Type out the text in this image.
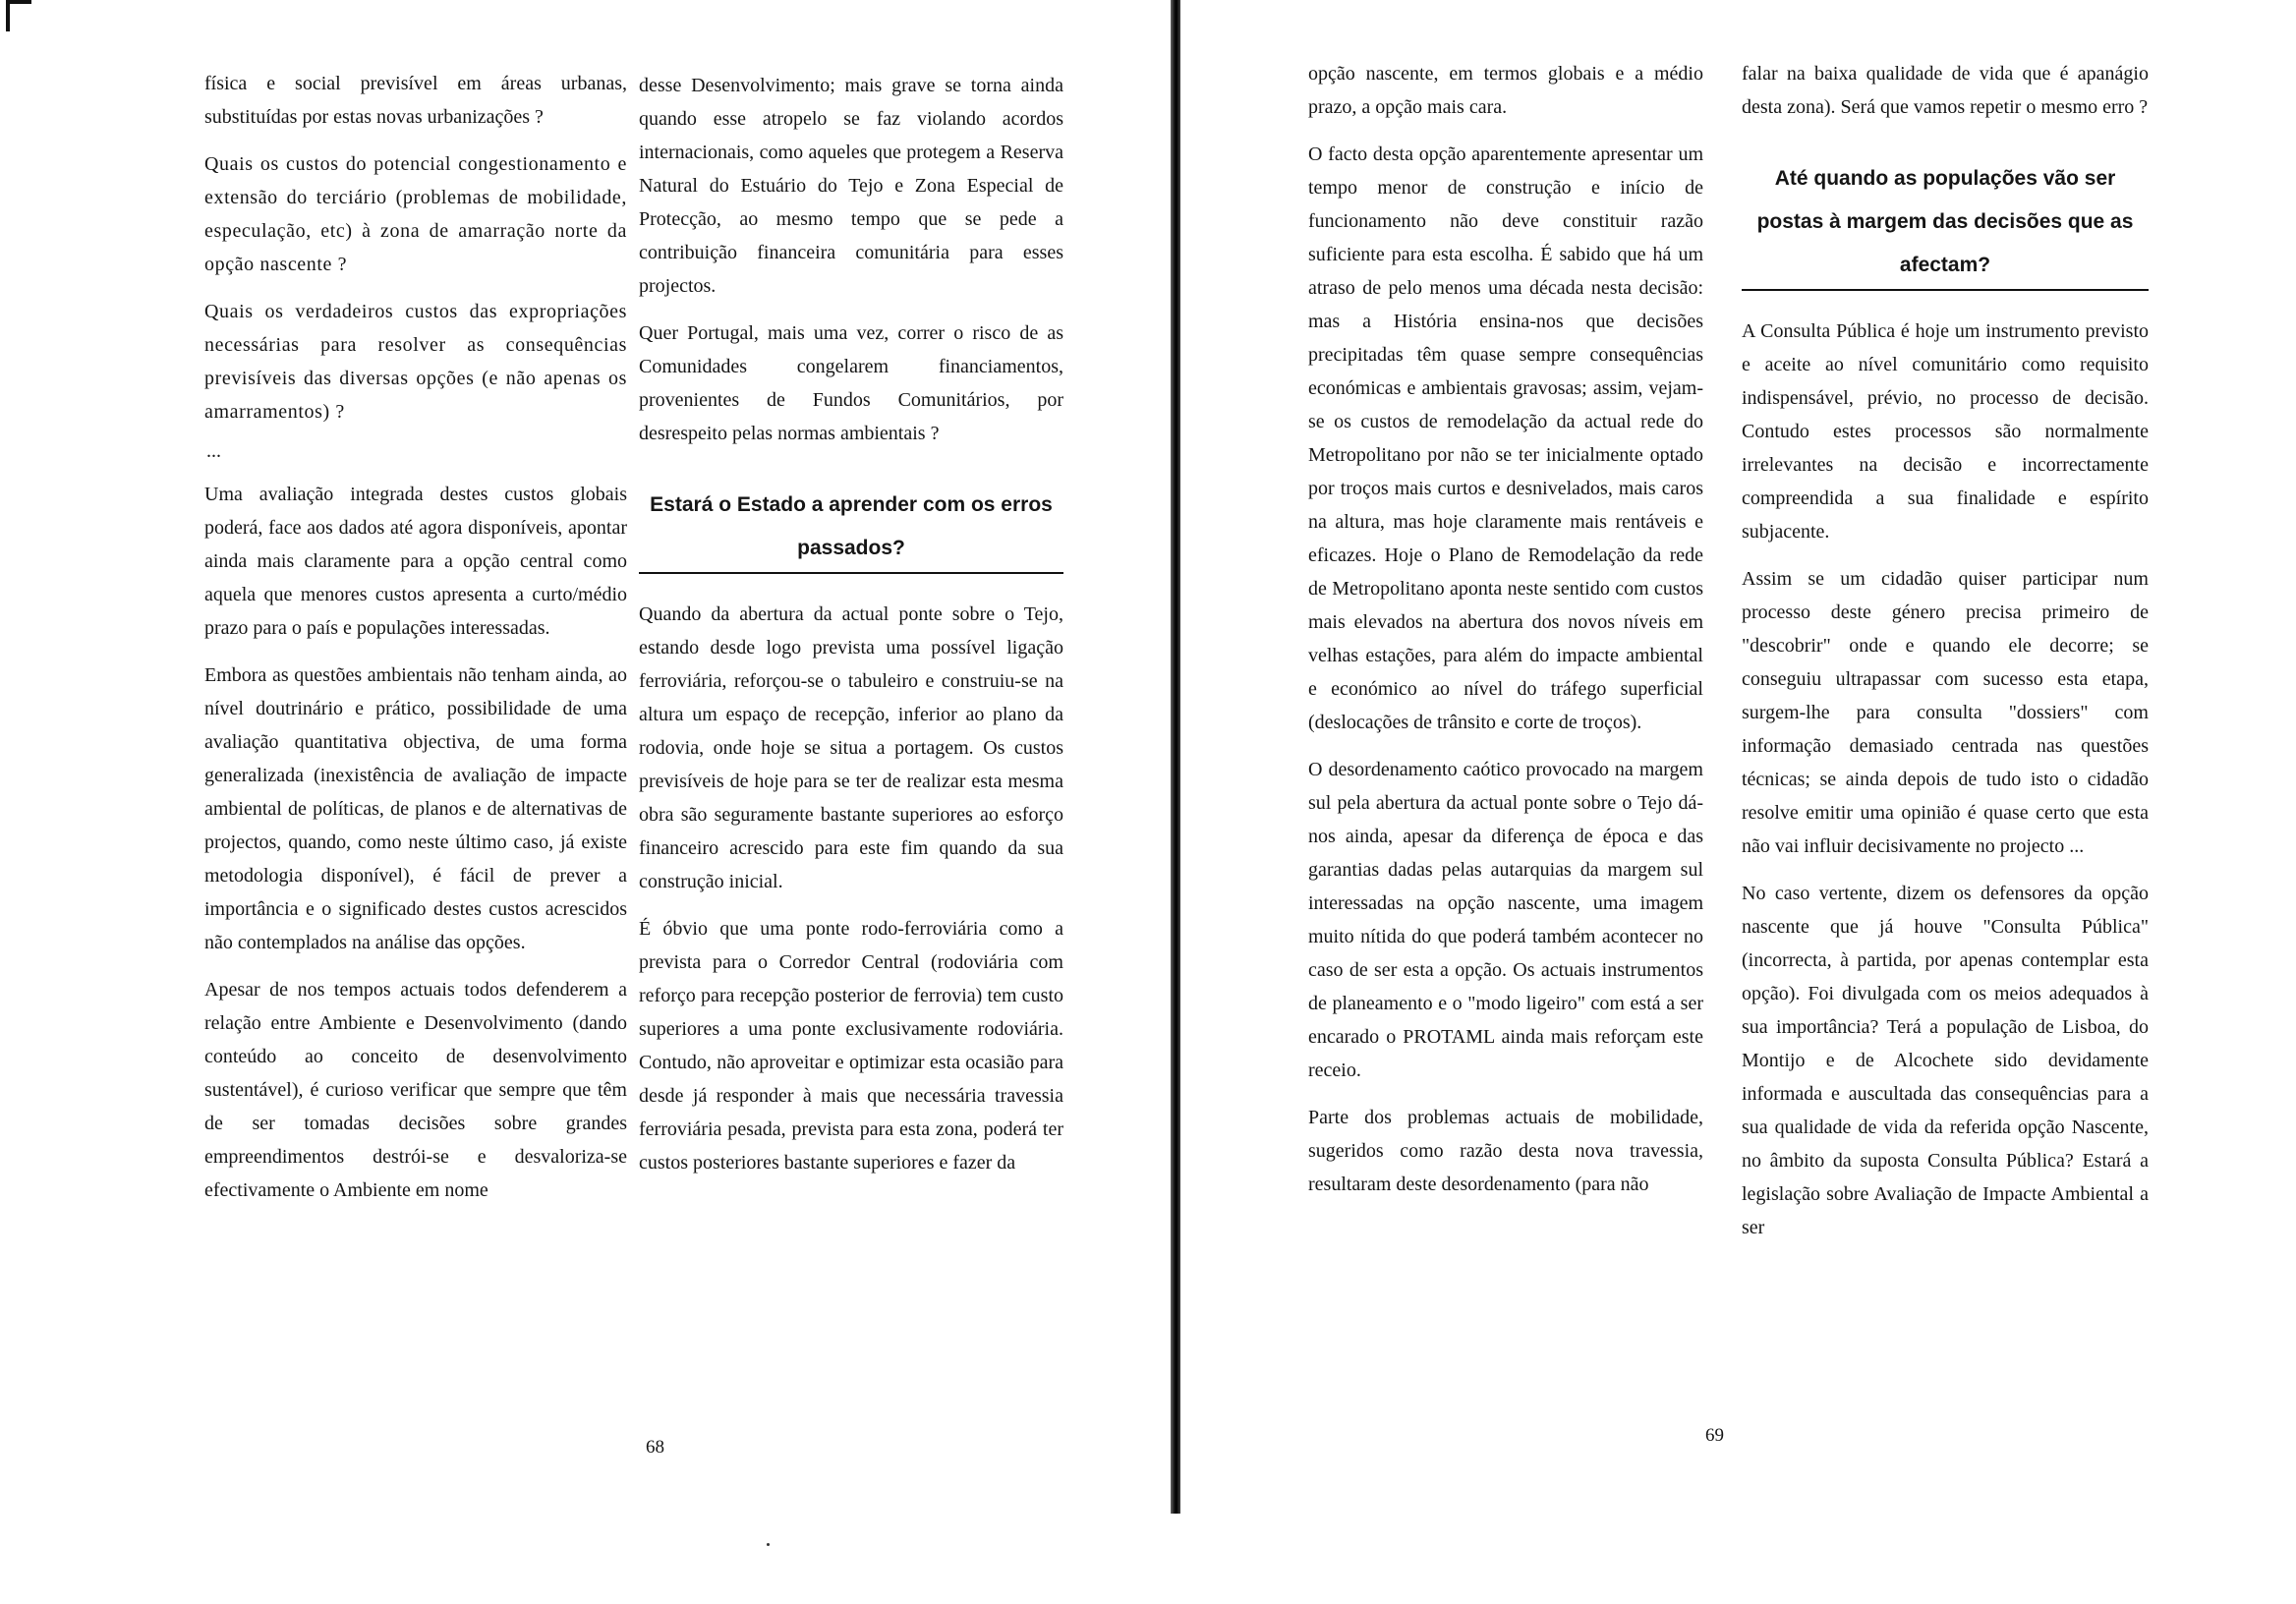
física e social previsível em áreas urbanas, substituídas por estas novas urbanizações ?

Quais os custos do potencial congestionamento e extensão do terciário (problemas de mobilidade, especulação, etc) à zona de amarração norte da opção nascente ?

Quais os verdadeiros custos das expropriações necessárias para resolver as consequências previsíveis das diversas opções (e não apenas os amarramentos) ?

...

Uma avaliação integrada destes custos globais poderá, face aos dados até agora disponíveis, apontar ainda mais claramente para a opção central como aquela que menores custos apresenta a curto/médio prazo para o país e populações interessadas.

Embora as questões ambientais não tenham ainda, ao nível doutrinário e prático, possibilidade de uma avaliação quantitativa objectiva, de uma forma generalizada (inexistência de avaliação de impacte ambiental de políticas, de planos e de alternativas de projectos, quando, como neste último caso, já existe metodologia disponível), é fácil de prever a importância e o significado destes custos acrescidos não contemplados na análise das opções.

Apesar de nos tempos actuais todos defenderem a relação entre Ambiente e Desenvolvimento (dando conteúdo ao conceito de desenvolvimento sustentável), é curioso verificar que sempre que têm de ser tomadas decisões sobre grandes empreendimentos destrói-se e desvaloriza-se efectivamente o Ambiente em nome

desse Desenvolvimento; mais grave se torna ainda quando esse atropelo se faz violando acordos internacionais, como aqueles que protegem a Reserva Natural do Estuário do Tejo e Zona Especial de Protecção, ao mesmo tempo que se pede a contribuição financeira comunitária para esses projectos.

Quer Portugal, mais uma vez, correr o risco de as Comunidades congelarem financiamentos, provenientes de Fundos Comunitários, por desrespeito pelas normas ambientais ?

Estará o Estado a aprender com os erros passados?

Quando da abertura da actual ponte sobre o Tejo, estando desde logo prevista uma possível ligação ferroviária, reforçou-se o tabuleiro e construiu-se na altura um espaço de recepção, inferior ao plano da rodovia, onde hoje se situa a portagem. Os custos previsíveis de hoje para se ter de realizar esta mesma obra são seguramente bastante superiores ao esforço financeiro acrescido para este fim quando da sua construção inicial.

É óbvio que uma ponte rodo-ferroviária como a prevista para o Corredor Central (rodoviária com reforço para recepção posterior de ferrovia) tem custo superiores a uma ponte exclusivamente rodoviária. Contudo, não aproveitar e optimizar esta ocasião para desde já responder à mais que necessária travessia ferroviária pesada, prevista para esta zona, poderá ter custos posteriores bastante superiores e fazer da

68

opção nascente, em termos globais e a médio prazo, a opção mais cara.

O facto desta opção aparentemente apresentar um tempo menor de construção e início de funcionamento não deve constituir razão suficiente para esta escolha. É sabido que há um atraso de pelo menos uma década nesta decisão: mas a História ensina-nos que decisões precipitadas têm quase sempre consequências económicas e ambientais gravosas; assim, vejam-se os custos de remodelação da actual rede do Metropolitano por não se ter inicialmente optado por troços mais curtos e desnivelados, mais caros na altura, mas hoje claramente mais rentáveis e eficazes. Hoje o Plano de Remodelação da rede de Metropolitano aponta neste sentido com custos mais elevados na abertura dos novos níveis em velhas estações, para além do impacte ambiental e económico ao nível do tráfego superficial (deslocações de trânsito e corte de troços).

O desordenamento caótico provocado na margem sul pela abertura da actual ponte sobre o Tejo dá-nos ainda, apesar da diferença de época e das garantias dadas pelas autarquias da margem sul interessadas na opção nascente, uma imagem muito nítida do que poderá também acontecer no caso de ser esta a opção. Os actuais instrumentos de planeamento e o "modo ligeiro" com está a ser encarado o PROTAML ainda mais reforçam este receio.

Parte dos problemas actuais de mobilidade, sugeridos como razão desta nova travessia, resultaram deste desordenamento (para não

falar na baixa qualidade de vida que é apanágio desta zona). Será que vamos repetir o mesmo erro ?

Até quando as populações vão ser postas à margem das decisões que as afectam?

A Consulta Pública é hoje um instrumento previsto e aceite ao nível comunitário como requisito indispensável, prévio, no processo de decisão. Contudo estes processos são normalmente irrelevantes na decisão e incorrectamente compreendida a sua finalidade e espírito subjacente.

Assim se um cidadão quiser participar num processo deste género precisa primeiro de "descobrir" onde e quando ele decorre; se conseguiu ultrapassar com sucesso esta etapa, surgem-lhe para consulta "dossiers" com informação demasiado centrada nas questões técnicas; se ainda depois de tudo isto o cidadão resolve emitir uma opinião é quase certo que esta não vai influir decisivamente no projecto ...

No caso vertente, dizem os defensores da opção nascente que já houve "Consulta Pública" (incorrecta, à partida, por apenas contemplar esta opção). Foi divulgada com os meios adequados à sua importância? Terá a população de Lisboa, do Montijo e de Alcochete sido devidamente informada e auscultada das consequências para a sua qualidade de vida da referida opção Nascente, no âmbito da suposta Consulta Pública? Estará a legislação sobre Avaliação de Impacte Ambiental a ser

69
